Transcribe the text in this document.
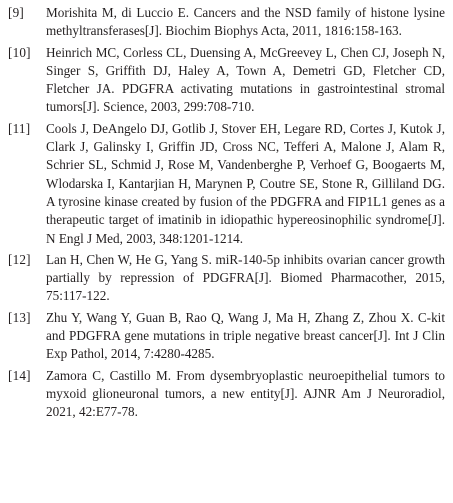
[9]	Morishita M, di Luccio E. Cancers and the NSD family of histone lysine methyltransferases[J]. Biochim Biophys Acta, 2011, 1816:158-163.
[10]	Heinrich MC, Corless CL, Duensing A, McGreevey L, Chen CJ, Joseph N, Singer S, Griffith DJ, Haley A, Town A, Demetri GD, Fletcher CD, Fletcher JA. PDGFRA activating mutations in gastrointestinal stromal tumors[J]. Science, 2003, 299:708-710.
[11]	Cools J, DeAngelo DJ, Gotlib J, Stover EH, Legare RD, Cortes J, Kutok J, Clark J, Galinsky I, Griffin JD, Cross NC, Tefferi A, Malone J, Alam R, Schrier SL, Schmid J, Rose M, Vandenberghe P, Verhoef G, Boogaerts M, Wlodarska I, Kantarjian H, Marynen P, Coutre SE, Stone R, Gilliland DG. A tyrosine kinase created by fusion of the PDGFRA and FIP1L1 genes as a therapeutic target of imatinib in idiopathic hypereosinophilic syndrome[J]. N Engl J Med, 2003, 348:1201-1214.
[12]	Lan H, Chen W, He G, Yang S. miR-140-5p inhibits ovarian cancer growth partially by repression of PDGFRA[J]. Biomed Pharmacother, 2015, 75:117-122.
[13]	Zhu Y, Wang Y, Guan B, Rao Q, Wang J, Ma H, Zhang Z, Zhou X. C-kit and PDGFRA gene mutations in triple negative breast cancer[J]. Int J Clin Exp Pathol, 2014, 7:4280-4285.
[14]	Zamora C, Castillo M. From dysembryoplastic neuroepithelial tumors to myxoid glioneuronal tumors, a new entity[J]. AJNR Am J Neuroradiol, 2021, 42:E77-78.
